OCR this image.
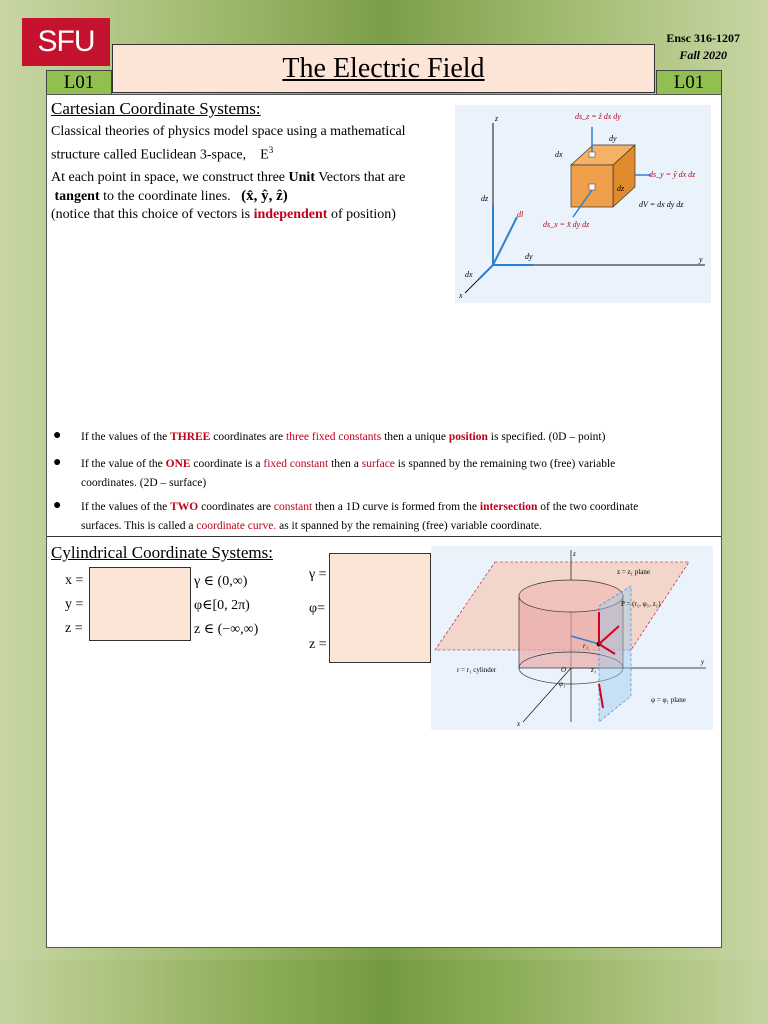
SFU	Ensc 316-1207
Fall 2020
The Electric Field
L01	L01
Cartesian Coordinate Systems:
Classical theories of physics model space using a mathematical
structure called Euclidean 3-space, $E^3$
At each point in space, we construct three Unit Vectors that are
tangent to the coordinate lines. (x̂, ŷ, ẑ)
(notice that this choice of vectors is independent of position)
z
y
x
dl
dz
dy
dx
ds_z = ẑ dx dy
ds_y = ŷ dx dz
ds_x = x̂ dy dz
dV = dx dy dz
dx
dy
dz
● If the values of the THREE coordinates are three fixed constants then a unique position is specified. (0D – point)
● If the value of the ONE coordinate is a fixed constant then a surface is spanned by the remaining two (free) variable
coordinates. (2D – surface)
● If the values of the TWO coordinates are constant then a 1D curve is formed from the intersection of the two coordinate
surfaces. This is called a coordinate curve. as it spanned by the remaining (free) variable coordinate.
Cylindrical Coordinate Systems:
x =
y =
z =
γ ∈ (0,∞)
φ∈[0, 2π)
z ∈ (−∞,∞)
γ =
φ=
z =
z = z₁ plane
P = (r₁, φ₁, z₁)
r = r₁ cylinder
φ = φ₁ plane
O
z
y
x
r₁
z₁
φ₁
